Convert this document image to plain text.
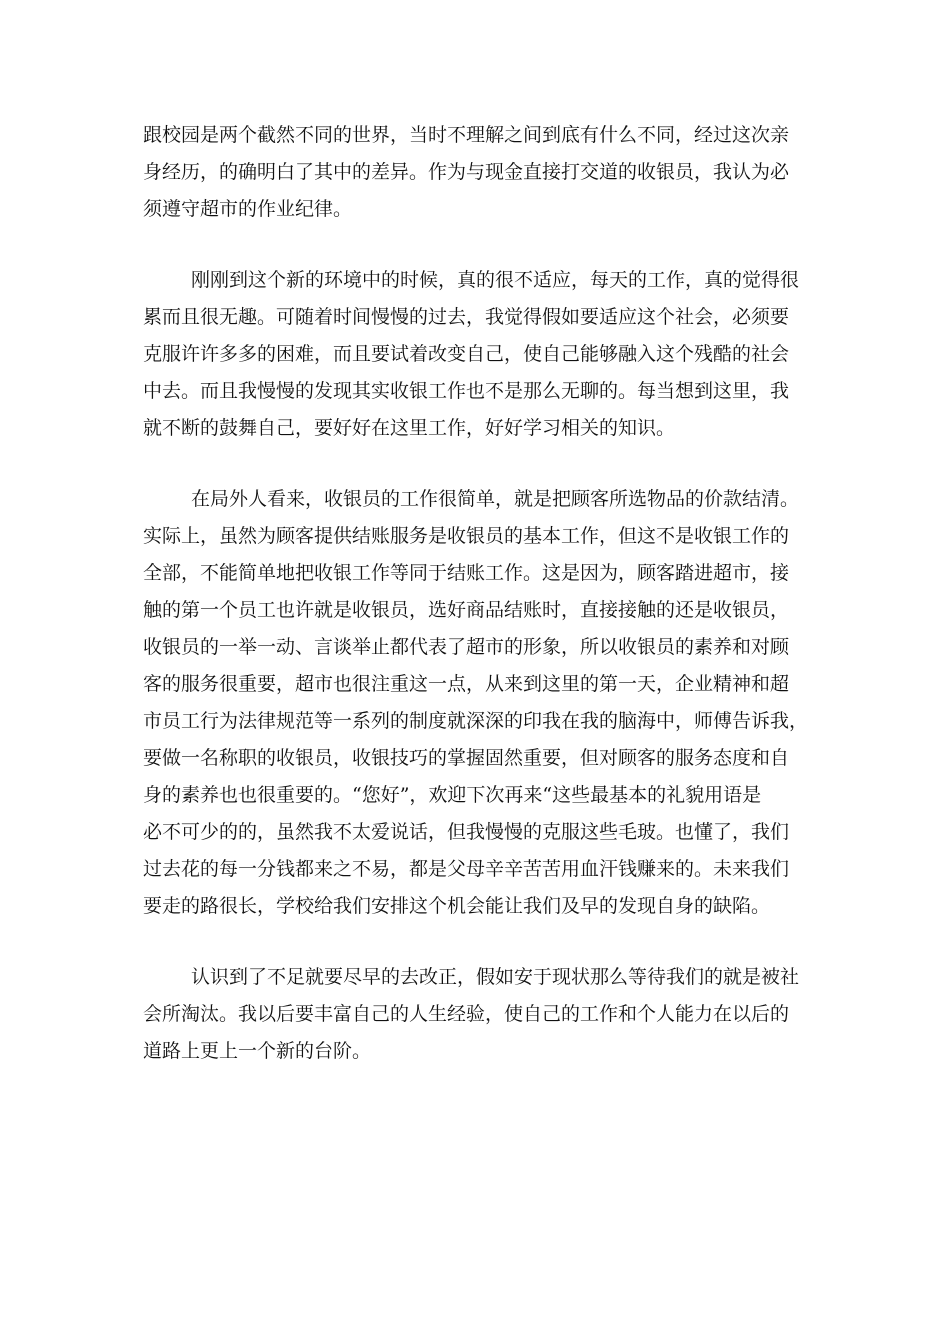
跟校园是两个截然不同的世界，当时不理解之间到底有什么不同，经过这次亲
身经历，的确明白了其中的差异。作为与现金直接打交道的收银员，我认为必
须遵守超市的作业纪律。
刚刚到这个新的环境中的时候，真的很不适应，每天的工作，真的觉得很
累而且很无趣。可随着时间慢慢的过去，我觉得假如要适应这个社会，必须要
克服许许多多的困难，而且要试着改变自己，使自己能够融入这个残酷的社会
中去。而且我慢慢的发现其实收银工作也不是那么无聊的。每当想到这里，我
就不断的鼓舞自己，要好好在这里工作，好好学习相关的知识。
在局外人看来，收银员的工作很简单，就是把顾客所选物品的价款结清。
实际上，虽然为顾客提供结账服务是收银员的基本工作，但这不是收银工作的
全部，不能简单地把收银工作等同于结账工作。这是因为，顾客踏进超市，接
触的第一个员工也许就是收银员，选好商品结账时，直接接触的还是收银员，
收银员的一举一动、言谈举止都代表了超市的形象，所以收银员的素养和对顾
客的服务很重要，超市也很注重这一点，从来到这里的第一天，企业精神和超
市员工行为法律规范等一系列的制度就深深的印我在我的脑海中，师傅告诉我，
要做一名称职的收银员，收银技巧的掌握固然重要，但对顾客的服务态度和自
身的素养也也很重要的。“您好”，欢迎下次再来“这些最基本的礼貌用语是
必不可少的的，虽然我不太爱说话，但我慢慢的克服这些毛玻。也懂了，我们
过去花的每一分钱都来之不易，都是父母辛辛苦苦用血汗钱赚来的。未来我们
要走的路很长，学校给我们安排这个机会能让我们及早的发现自身的缺陷。
认识到了不足就要尽早的去改正，假如安于现状那么等待我们的就是被社
会所淘汰。我以后要丰富自己的人生经验，使自己的工作和个人能力在以后的
道路上更上一个新的台阶。
